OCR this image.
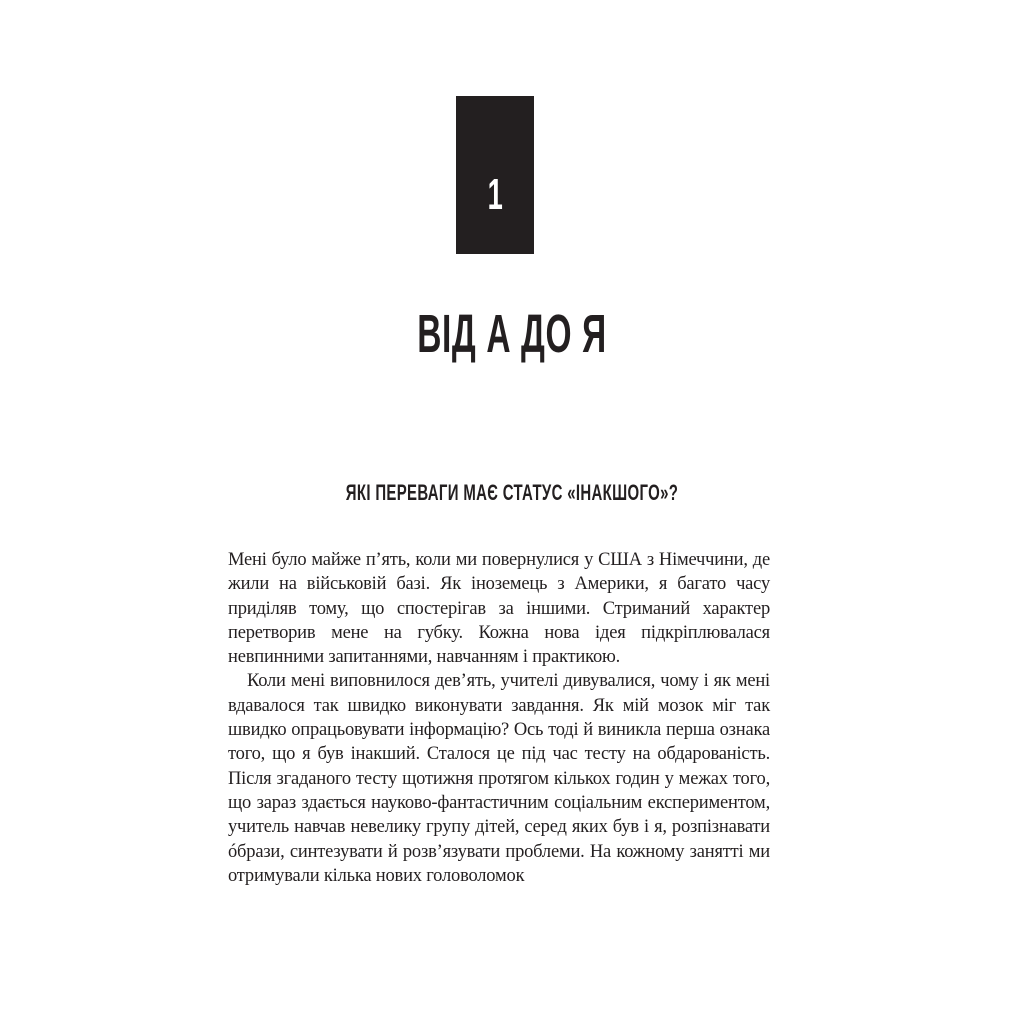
1
ВІД А ДО Я
ЯКІ ПЕРЕВАГИ МАЄ СТАТУС «ІНАКШОГО»?

Мені було майже п’ять, коли ми повернулися у США з Німеччини, де жили на військовій базі. Як іноземець з Америки, я багато часу приділяв тому, що спостерігав за іншими. Стриманий характер перетворив мене на губку. Кожна нова ідея підкріплювалася невпинними запитаннями, навчанням і практикою.

Коли мені виповнилося дев’ять, учителі дивувалися, чому і як мені вдавалося так швидко виконувати завдання. Як мій мозок міг так швидко опрацьовувати інформацію? Ось тоді й виникла перша ознака того, що я був інакший. Сталося це під час тесту на обдарованість. Після згаданого тесту щотижня протягом кількох годин у межах того, що зараз здається науково-фантастичним соціальним експериментом, учитель навчав невелику групу дітей, серед яких був і я, розпізнавати óбрази, синтезувати й розв’язувати проблеми. На кожному занятті ми отримували кілька нових головоломок
